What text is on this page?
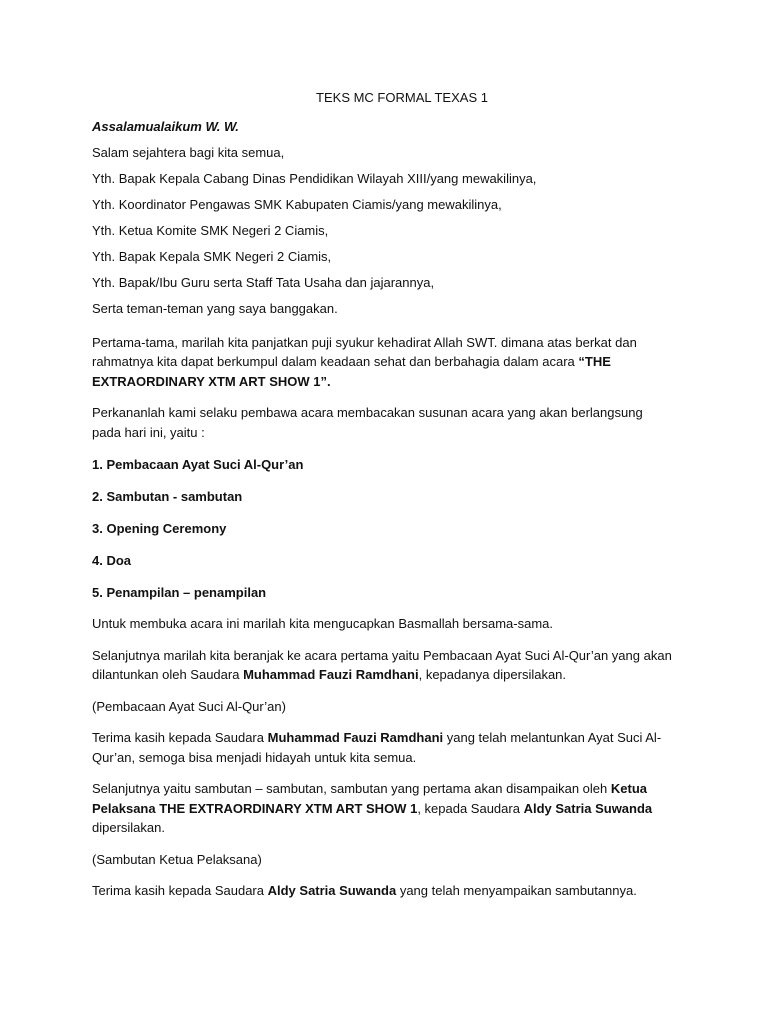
TEKS MC FORMAL TEXAS 1

Assalamualaikum W. W.

Salam sejahtera bagi kita semua,

Yth. Bapak Kepala Cabang Dinas Pendidikan Wilayah XIII/yang mewakilinya,

Yth. Koordinator Pengawas SMK Kabupaten Ciamis/yang mewakilinya,

Yth. Ketua Komite SMK Negeri 2 Ciamis,

Yth. Bapak Kepala SMK Negeri 2 Ciamis,

Yth. Bapak/Ibu Guru serta Staff Tata Usaha dan jajarannya,

Serta teman-teman yang saya banggakan.

Pertama-tama, marilah kita panjatkan puji syukur kehadirat Allah SWT. dimana atas berkat dan rahmatnya kita dapat berkumpul dalam keadaan sehat dan berbahagia dalam acara “THE EXTRAORDINARY XTM ART SHOW 1”.

Perkananlah kami selaku pembawa acara membacakan susunan acara yang akan berlangsung pada hari ini, yaitu :

1. Pembacaan Ayat Suci Al-Qur’an

2. Sambutan - sambutan

3. Opening Ceremony

4. Doa

5. Penampilan – penampilan

Untuk membuka acara ini marilah kita mengucapkan Basmallah bersama-sama.

Selanjutnya marilah kita beranjak ke acara pertama yaitu Pembacaan Ayat Suci Al-Qur’an yang akan dilantunkan oleh Saudara Muhammad Fauzi Ramdhani, kepadanya dipersilakan.

(Pembacaan Ayat Suci Al-Qur’an)

Terima kasih kepada Saudara Muhammad Fauzi Ramdhani yang telah melantunkan Ayat Suci Al-Qur’an, semoga bisa menjadi hidayah untuk kita semua.

Selanjutnya yaitu sambutan – sambutan, sambutan yang pertama akan disampaikan oleh Ketua Pelaksana THE EXTRAORDINARY XTM ART SHOW 1, kepada Saudara Aldy Satria Suwanda dipersilakan.

(Sambutan Ketua Pelaksana)

Terima kasih kepada Saudara Aldy Satria Suwanda yang telah menyampaikan sambutannya.
